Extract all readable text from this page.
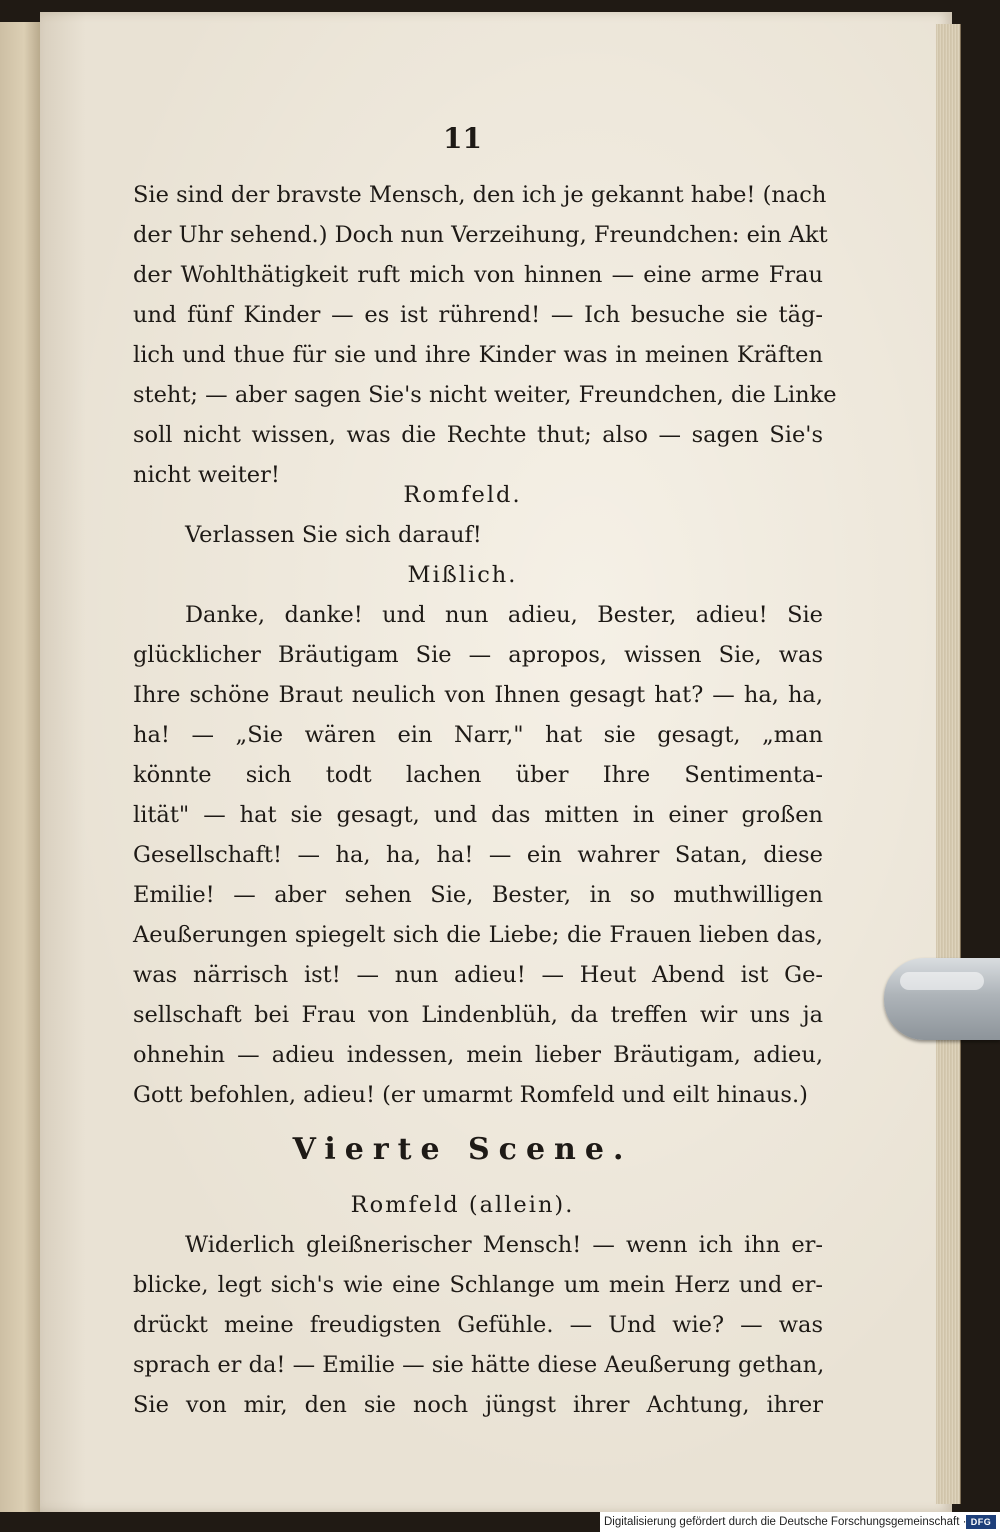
11
Sie sind der bravste Mensch, den ich je gekannt habe! (nach
der Uhr sehend.) Doch nun Verzeihung, Freundchen: ein Akt
der Wohlthätigkeit ruft mich von hinnen — eine arme Frau
und fünf Kinder — es ist rührend! — Ich besuche sie täg-
lich und thue für sie und ihre Kinder was in meinen Kräften
steht; — aber sagen Sie's nicht weiter, Freundchen, die Linke
soll nicht wissen, was die Rechte thut; also — sagen Sie's
nicht weiter!
Romfeld.
Verlassen Sie sich darauf!
Mißlich.
Danke, danke! und nun adieu, Bester, adieu! Sie
glücklicher Bräutigam Sie — apropos, wissen Sie, was
Ihre schöne Braut neulich von Ihnen gesagt hat? — ha, ha,
ha! — „Sie wären ein Narr," hat sie gesagt, „man
könnte sich todt lachen über Ihre Sentimenta-
lität" — hat sie gesagt, und das mitten in einer großen
Gesellschaft! — ha, ha, ha! — ein wahrer Satan, diese
Emilie! — aber sehen Sie, Bester, in so muthwilligen
Aeußerungen spiegelt sich die Liebe; die Frauen lieben das,
was närrisch ist! — nun adieu! — Heut Abend ist Ge-
sellschaft bei Frau von Lindenblüh, da treffen wir uns ja
ohnehin — adieu indessen, mein lieber Bräutigam, adieu,
Gott befohlen, adieu! (er umarmt Romfeld und eilt hinaus.)
Vierte Scene.
Romfeld (allein).
Widerlich gleißnerischer Mensch! — wenn ich ihn er-
blicke, legt sich's wie eine Schlange um mein Herz und er-
drückt meine freudigsten Gefühle. — Und wie? — was
sprach er da! — Emilie — sie hätte diese Aeußerung gethan,
Sie von mir, den sie noch jüngst ihrer Achtung, ihrer
Digitalisierung gefördert durch die Deutsche Forschungsgemeinschaft · DFG
